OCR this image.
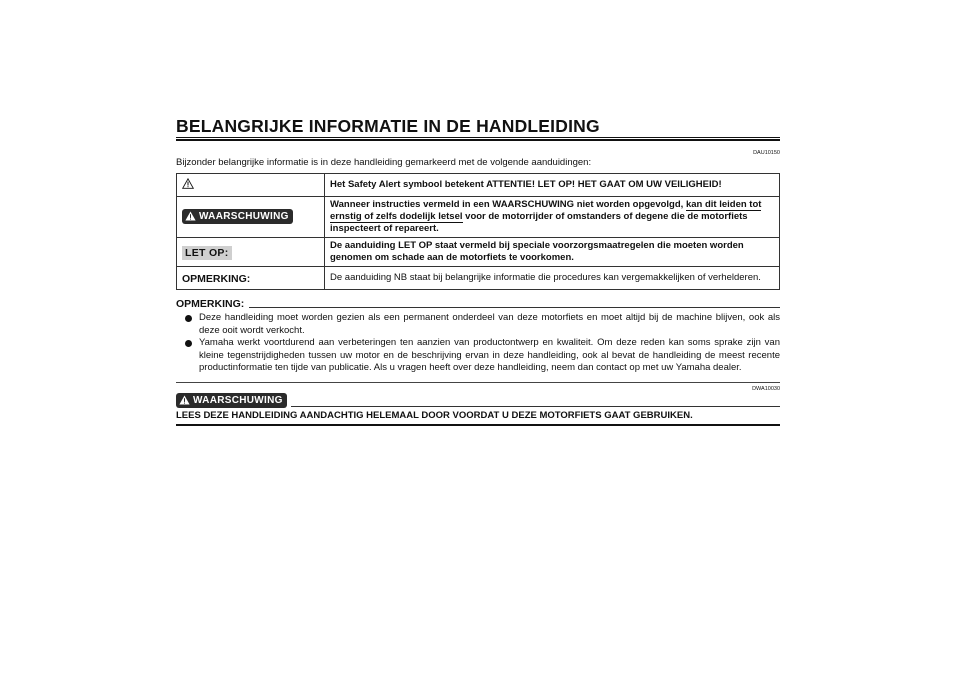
BELANGRIJKE INFORMATIE IN DE HANDLEIDING
DAU10150
Bijzonder belangrijke informatie is in deze handleiding gemarkeerd met de volgende aanduidingen:
	Het Safety Alert symbool betekent ATTENTIE! LET OP! HET GAAT OM UW VEILIGHEID!

WAARSCHUWING	Wanneer instructies vermeld in een WAARSCHUWING niet worden opgevolgd, kan dit leiden tot ernstig of zelfs dodelijk letsel voor de motorrijder of omstanders of degene die de motorfiets inspecteert of repareert.
LET OP:	De aanduiding LET OP staat vermeld bij speciale voorzorgsmaatregelen die moeten worden genomen om schade aan de motorfiets te voorkomen.
OPMERKING:	De aanduiding NB staat bij belangrijke informatie die procedures kan vergemakkelijken of verhelderen.
OPMERKING:
Deze handleiding moet worden gezien als een permanent onderdeel van deze motorfiets en moet altijd bij de machine blijven, ook als deze ooit wordt verkocht.
Yamaha werkt voortdurend aan verbeteringen ten aanzien van productontwerp en kwaliteit. Om deze reden kan soms sprake zijn van kleine tegenstrijdigheden tussen uw motor en de beschrijving ervan in deze handleiding, ook al bevat de handleiding de meest recente productinformatie ten tijde van publicatie. Als u vragen heeft over deze handleiding, neem dan contact op met uw Yamaha dealer.
DWA10030
WAARSCHUWING
LEES DEZE HANDLEIDING AANDACHTIG HELEMAAL DOOR VOORDAT U DEZE MOTORFIETS GAAT GEBRUIKEN.
